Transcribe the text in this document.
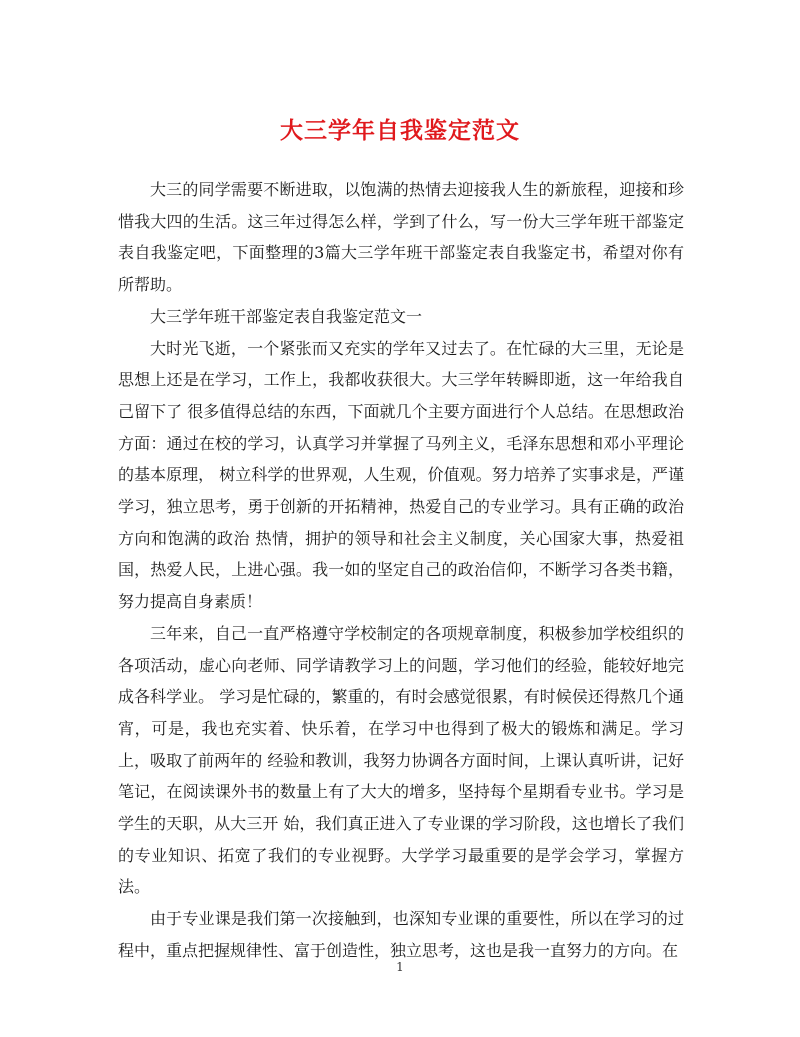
大三学年自我鉴定范文

大三的同学需要不断进取，以饱满的热情去迎接我人生的新旅程，迎接和珍惜我大四的生活。这三年过得怎么样，学到了什么，写一份大三学年班干部鉴定表自我鉴定吧，下面整理的3篇大三学年班干部鉴定表自我鉴定书，希望对你有所帮助。

大三学年班干部鉴定表自我鉴定范文一

大时光飞逝，一个紧张而又充实的学年又过去了。在忙碌的大三里，无论是思想上还是在学习，工作上，我都收获很大。大三学年转瞬即逝，这一年给我自己留下了 很多值得总结的东西，下面就几个主要方面进行个人总结。在思想政治方面：通过在校的学习，认真学习并掌握了马列主义，毛泽东思想和邓小平理论的基本原理， 树立科学的世界观，人生观，价值观。努力培养了实事求是，严谨学习，独立思考，勇于创新的开拓精神，热爱自己的专业学习。具有正确的政治方向和饱满的政治 热情，拥护的领导和社会主义制度，关心国家大事，热爱祖国，热爱人民，上进心强。我一如的坚定自己的政治信仰，不断学习各类书籍，努力提高自身素质！

三年来，自己一直严格遵守学校制定的各项规章制度，积极参加学校组织的各项活动，虚心向老师、同学请教学习上的问题，学习他们的经验，能较好地完成各科学业。 学习是忙碌的，繁重的，有时会感觉很累，有时候侯还得熬几个通宵，可是，我也充实着、快乐着，在学习中也得到了极大的锻炼和满足。学习上，吸取了前两年的 经验和教训，我努力协调各方面时间，上课认真听讲，记好笔记，在阅读课外书的数量上有了大大的增多，坚持每个星期看专业书。学习是学生的天职，从大三开 始，我们真正进入了专业课的学习阶段，这也增长了我们的专业知识、拓宽了我们的专业视野。大学学习最重要的是学会学习，掌握方法。

由于专业课是我们第一次接触到，也深知专业课的重要性，所以在学习的过程中，重点把握规律性、富于创造性，独立思考，这也是我一直努力的方向。在

1
